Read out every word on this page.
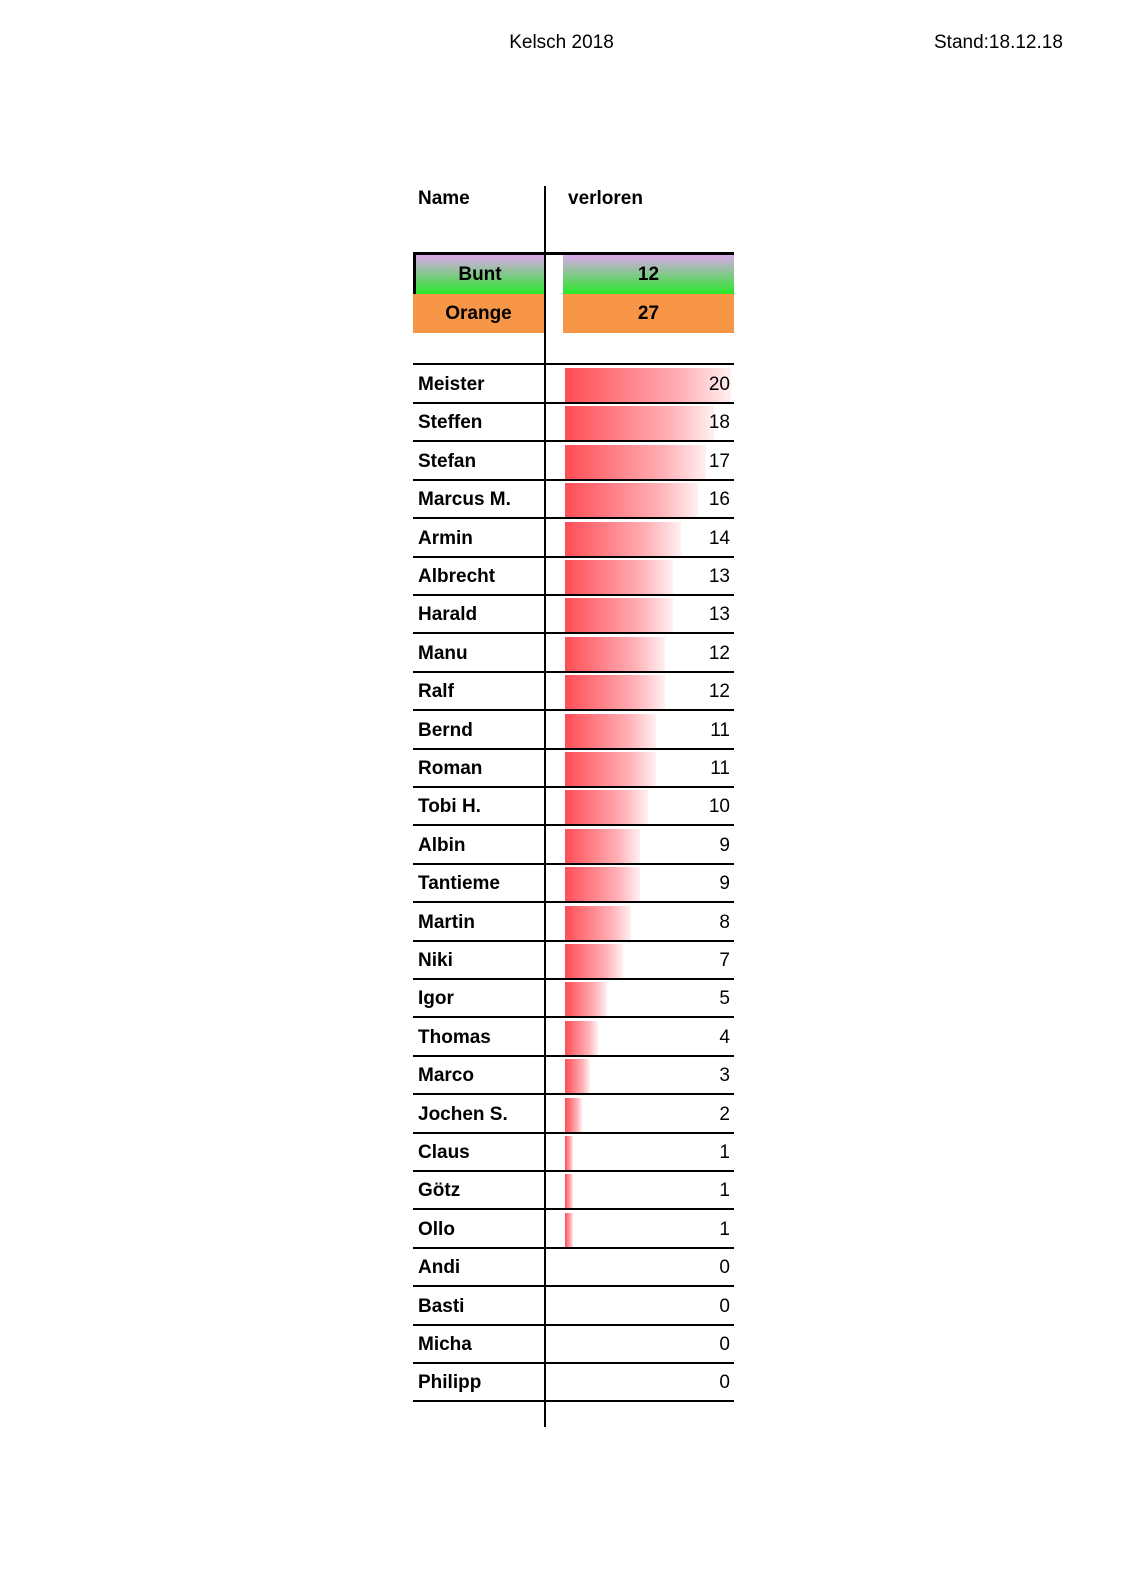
Kelsch 2018	Stand:18.12.18
Name	verloren
Bunt	12
Orange	27
Meister	20
Steffen	18
Stefan	17
Marcus M.	16
Armin	14
Albrecht	13
Harald	13
Manu	12
Ralf	12
Bernd	11
Roman	11
Tobi H.	10
Albin	9
Tantieme	9
Martin	8
Niki	7
Igor	5
Thomas	4
Marco	3
Jochen S.	2
Claus	1
Götz	1
Ollo	1
Andi	0
Basti	0
Micha	0
Philipp	0
